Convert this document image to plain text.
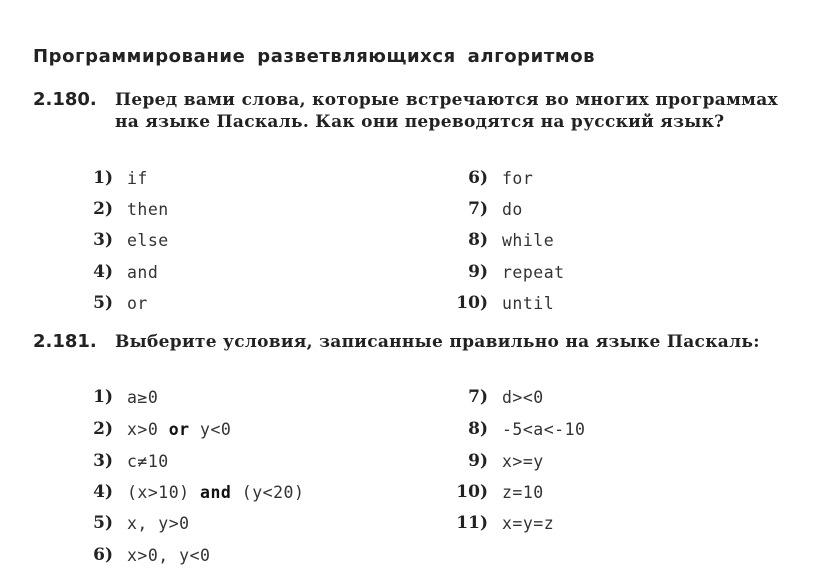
Программирование разветвляющихся алгоритмов
2.180. Перед вами слова, которые встречаются во многих программах на языке Паскаль. Как они переводятся на русский язык?
1) if
2) then
3) else
4) and
5) or
6) for
7) do
8) while
9) repeat
10) until
2.181. Выберите условия, записанные правильно на языке Паскаль:
1) a≥0
2) x>0 or y<0
3) c≠10
4) (x>10) and (y<20)
5) x, y>0
6) x>0, y<0
7) d><0
8) -5<a<-10
9) x>=y
10) z=10
11) x=y=z
